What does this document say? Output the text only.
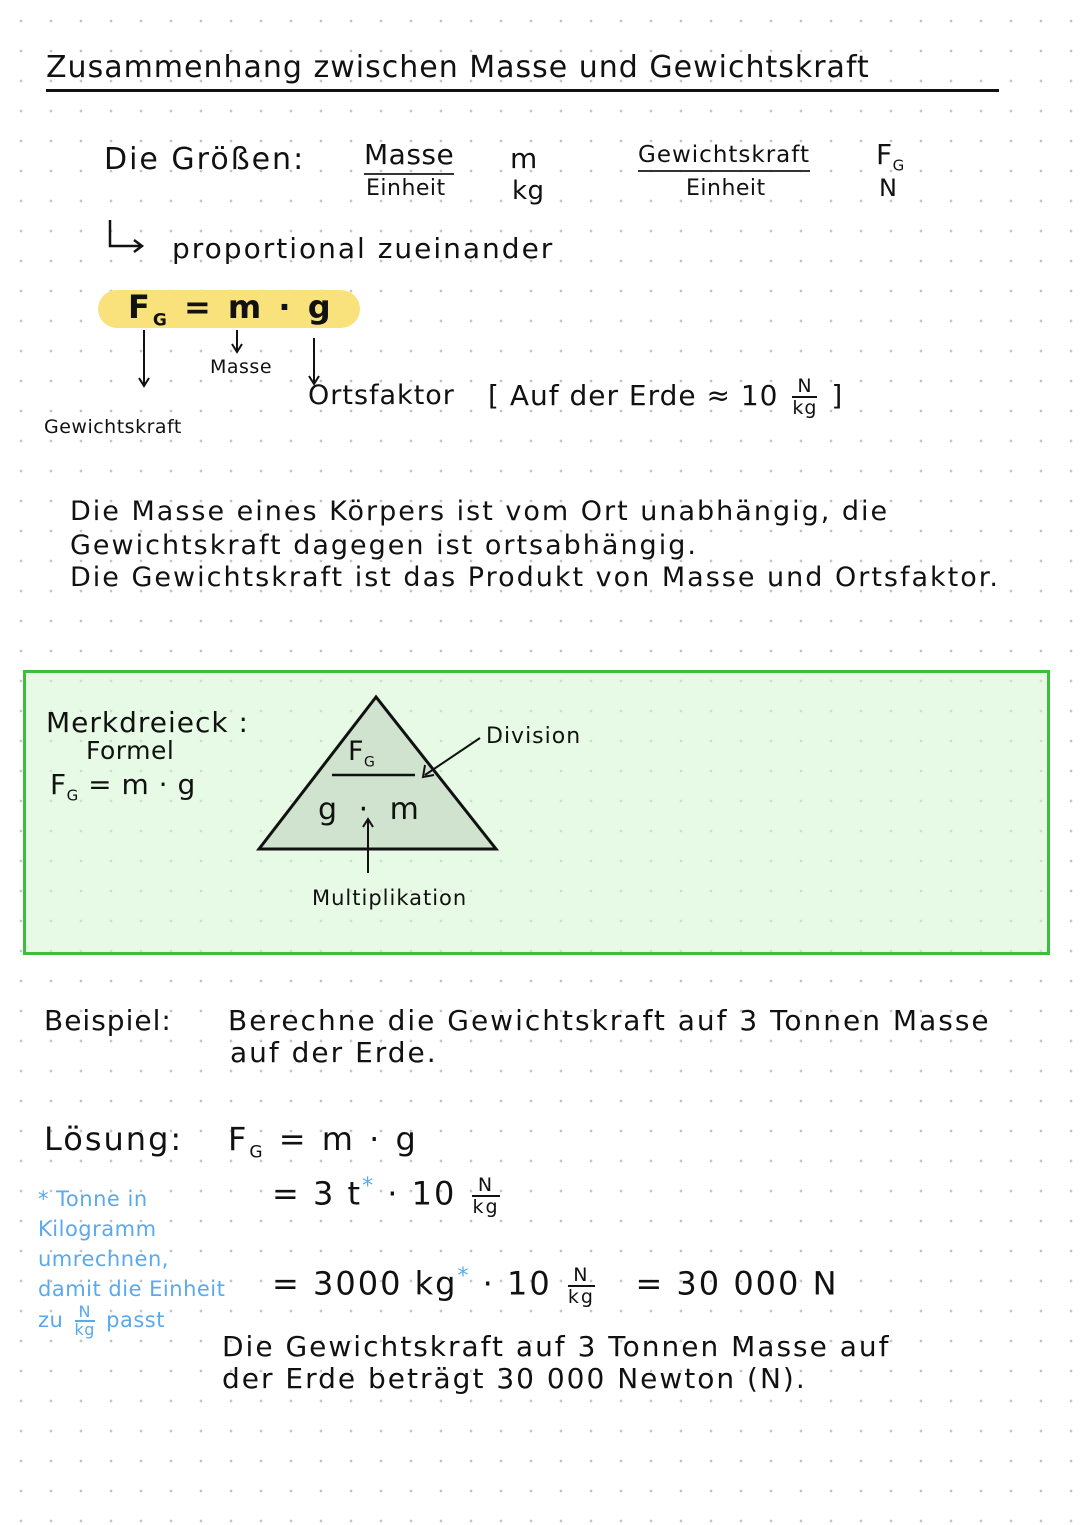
Zusammenhang zwischen Masse und Gewichtskraft
Die Größen: Masse m
Einheit	kg
Gewichtskraft
Einheit
$F_G$
N
proportional zueinander
$F_G = m \cdot g$
Masse
Gewichtskraft
Ortsfaktor [ Auf der Erde ≈ $10 \frac{N}{kg}$ ]
Die Masse eines Körpers ist vom Ort unabhängig, die
Gewichtskraft dagegen ist ortsabhängig.
Die Gewichtskraft ist das Produkt von Masse und Ortsfaktor.
Merkdreieck :
Formel
$F_G = m \cdot g$
$F_G$
g · m
Division
Multiplikation
Beispiel: Berechne die Gewichtskraft auf 3 Tonnen Masse
auf der Erde.
Lösung: $F_G = m \cdot g$
= 3 $t^* \cdot 10 \frac{N}{kg}$
= 3000 $kg^* \cdot 10 \frac{N}{kg} = 30$ 000 N
* Tonne in Kilogramm umrechnen, damit die Einheit zu $\frac{N}{kg}$ passt
Die Gewichtskraft auf 3 Tonnen Masse auf
der Erde beträgt 30 000 Newton (N).
